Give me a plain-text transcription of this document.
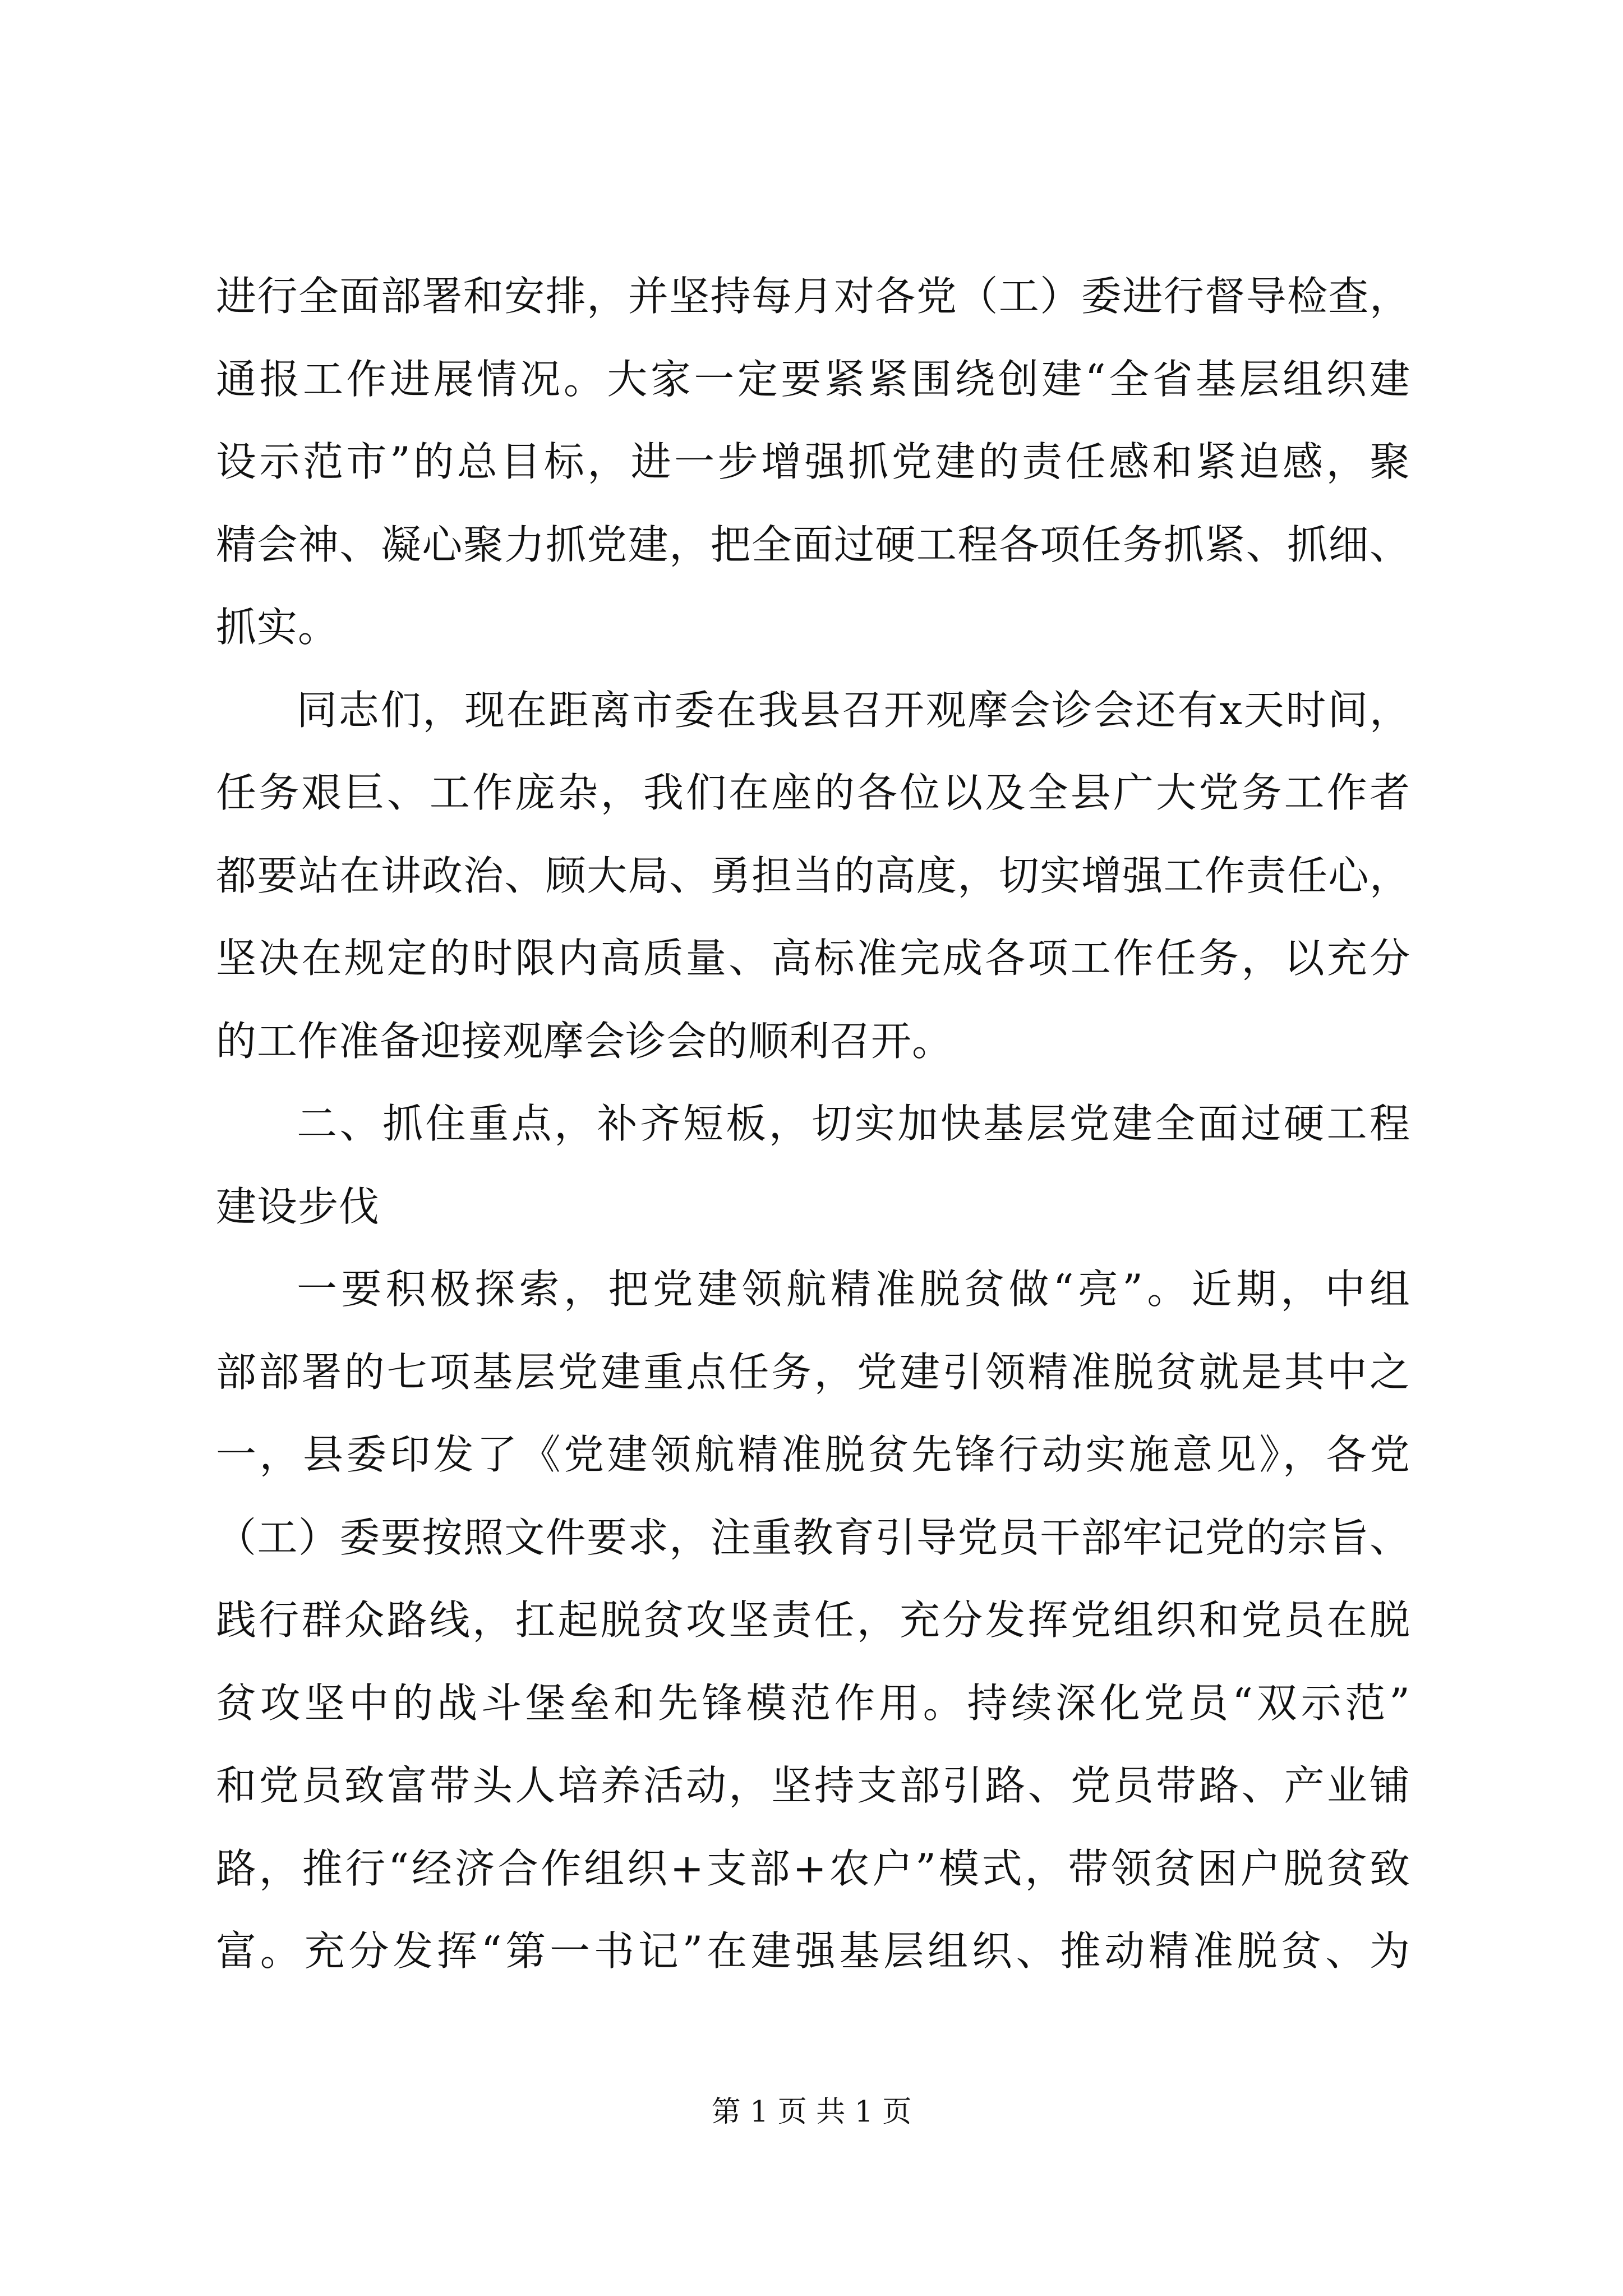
进行全面部署和安排，并坚持每月对各党（工）委进行督导检查，
通报工作进展情况。大家一定要紧紧围绕创建“全省基层组织建
设示范市”的总目标，进一步增强抓党建的责任感和紧迫感，聚
精会神、凝心聚力抓党建，把全面过硬工程各项任务抓紧、抓细、
抓实。
同志们，现在距离市委在我县召开观摩会诊会还有x天时间，
任务艰巨、工作庞杂，我们在座的各位以及全县广大党务工作者
都要站在讲政治、顾大局、勇担当的高度，切实增强工作责任心，
坚决在规定的时限内高质量、高标准完成各项工作任务，以充分
的工作准备迎接观摩会诊会的顺利召开。
二、抓住重点，补齐短板，切实加快基层党建全面过硬工程
建设步伐
一要积极探索，把党建领航精准脱贫做“亮”。近期，中组
部部署的七项基层党建重点任务，党建引领精准脱贫就是其中之
一，县委印发了《党建领航精准脱贫先锋行动实施意见》，各党
（工）委要按照文件要求，注重教育引导党员干部牢记党的宗旨、
践行群众路线，扛起脱贫攻坚责任，充分发挥党组织和党员在脱
贫攻坚中的战斗堡垒和先锋模范作用。持续深化党员“双示范”
和党员致富带头人培养活动，坚持支部引路、党员带路、产业铺
路，推行“经济合作组织+支部+农户”模式，带领贫困户脱贫致
富。充分发挥“第一书记”在建强基层组织、推动精准脱贫、为
第 1 页 共 1 页
